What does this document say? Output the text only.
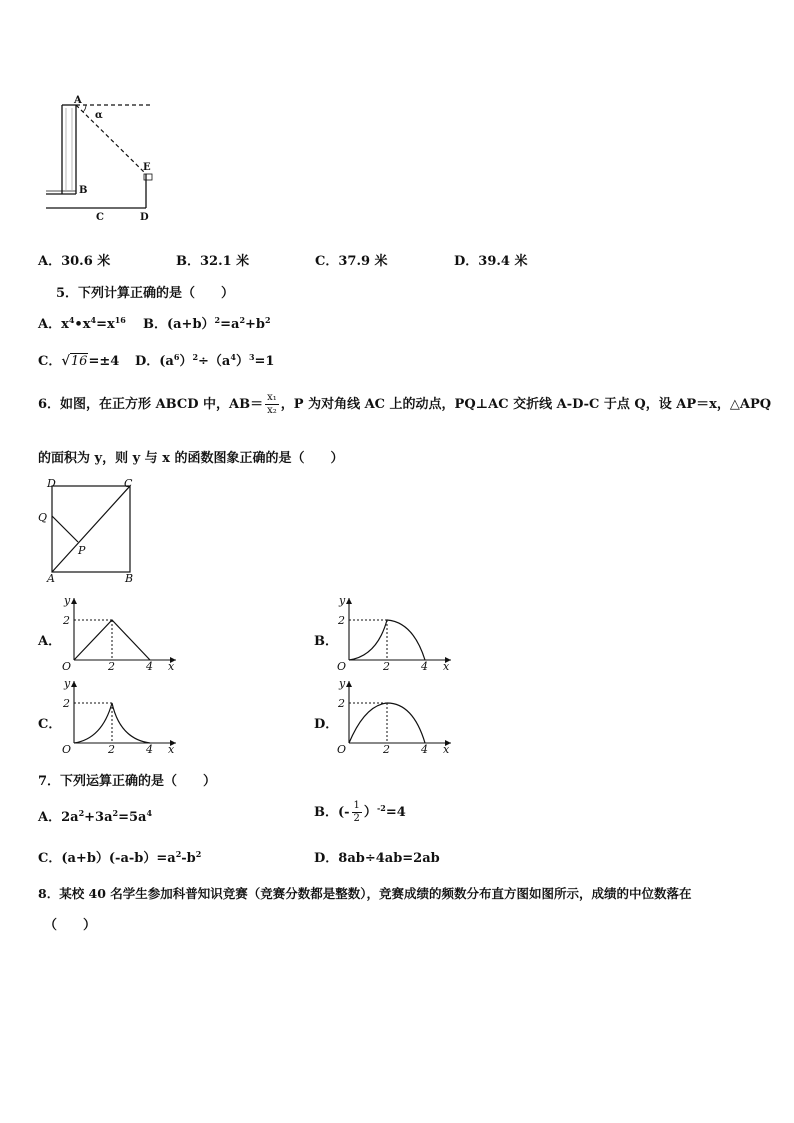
A
α
E
B
C	D
A．30.6 米	B．32.1 米	C．37.9 米	D．39.4 米
5．下列计算正确的是（　　）
A．$x^4•x^4=x^{16}$ B．$(a+b)^2=a^2+b^2$
C．√16=±4 D．$(a^6)^2\div(a^4)^3=1$
6．如图，在正方形 ABCD 中，$AB= \frac{\text{x₁}}{\text{x₂}}$ ，P 为对角线 AC 上的动点，PQ⊥AC 交折线 A-D-C 于点 Q，设 AP＝x，△APQ
的面积为 y，则 y 与 x 的函数图象正确的是（　　）
D	C
Q
P
A	B
A．	B．
C．	D．
y
2
O	2	4 x
y
2
O	2	4 x
y
2
O	2	4 x
y
2
O	2	4 x
7．下列运算正确的是（　　）
A．$2a^2+3a^2=5a^4$	B．(- $\frac{1}{2} )^{-2}=4$
C．$(a+b)(-a-b)=a^2-b^2$	D．8ab÷4ab=2ab
8．某校 40 名学生参加科普知识竞赛（竞赛分数都是整数），竞赛成绩的频数分布直方图如图所示，成绩的中位数落在
（　　）
